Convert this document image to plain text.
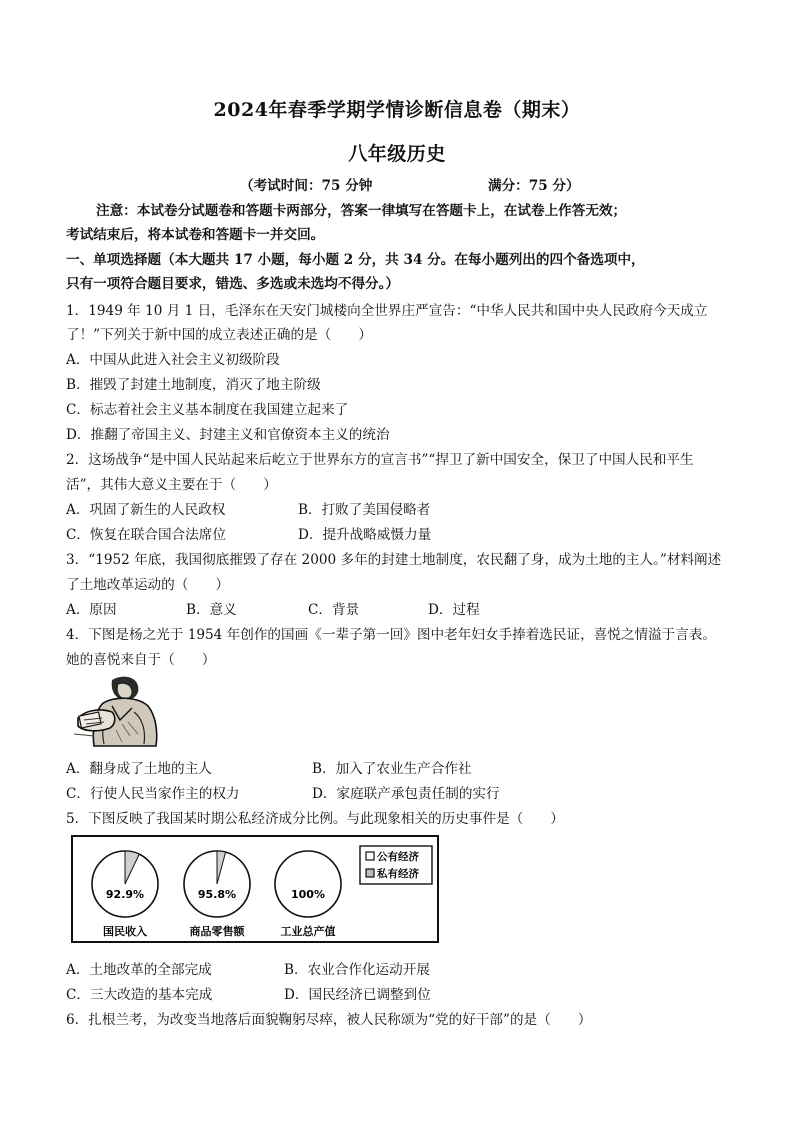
2024年春季学期学情诊断信息卷（期末）
八年级历史
（考试时间：75 分钟	满分：75 分）
注意：本试卷分试题卷和答题卡两部分，答案一律填写在答题卡上，在试卷上作答无效；
考试结束后，将本试卷和答题卡一并交回。
一、单项选择题（本大题共 17 小题，每小题 2 分，共 34 分。在每小题列出的四个备选项中，
只有一项符合题目要求，错选、多选或未选均不得分。）
1．1949 年 10 月 1 日，毛泽东在天安门城楼向全世界庄严宣告：“中华人民共和国中央人民政府今天成立
了！”下列关于新中国的成立表述正确的是（　　）
A．中国从此进入社会主义初级阶段
B．摧毁了封建土地制度，消灭了地主阶级
C．标志着社会主义基本制度在我国建立起来了
D．推翻了帝国主义、封建主义和官僚资本主义的统治
2．这场战争“是中国人民站起来后屹立于世界东方的宣言书”“捍卫了新中国安全，保卫了中国人民和平生
活”，其伟大意义主要在于（　　）
A．巩固了新生的人民政权	B．打败了美国侵略者
C．恢复在联合国合法席位	D．提升战略威慑力量
3．“1952 年底，我国彻底摧毁了存在 2000 多年的封建土地制度，农民翻了身，成为土地的主人。”材料阐述
了土地改革运动的（　　）
A．原因	B．意义	C．背景	D．过程
4．下图是杨之光于 1954 年创作的国画《一辈子第一回》图中老年妇女手捧着选民证，喜悦之情溢于言表。
她的喜悦来自于（　　）
A．翻身成了土地的主人	B．加入了农业生产合作社
C．行使人民当家作主的权力	D．家庭联产承包责任制的实行
5．下图反映了我国某时期公私经济成分比例。与此现象相关的历史事件是（　　）
92.9%
国民收入
95.8%
商品零售额
100%
工业总产值
公有经济
私有经济
A．土地改革的全部完成	B．农业合作化运动开展
C．三大改造的基本完成	D．国民经济已调整到位
6．扎根兰考，为改变当地落后面貌鞠躬尽瘁，被人民称颂为“党的好干部”的是（　　）
